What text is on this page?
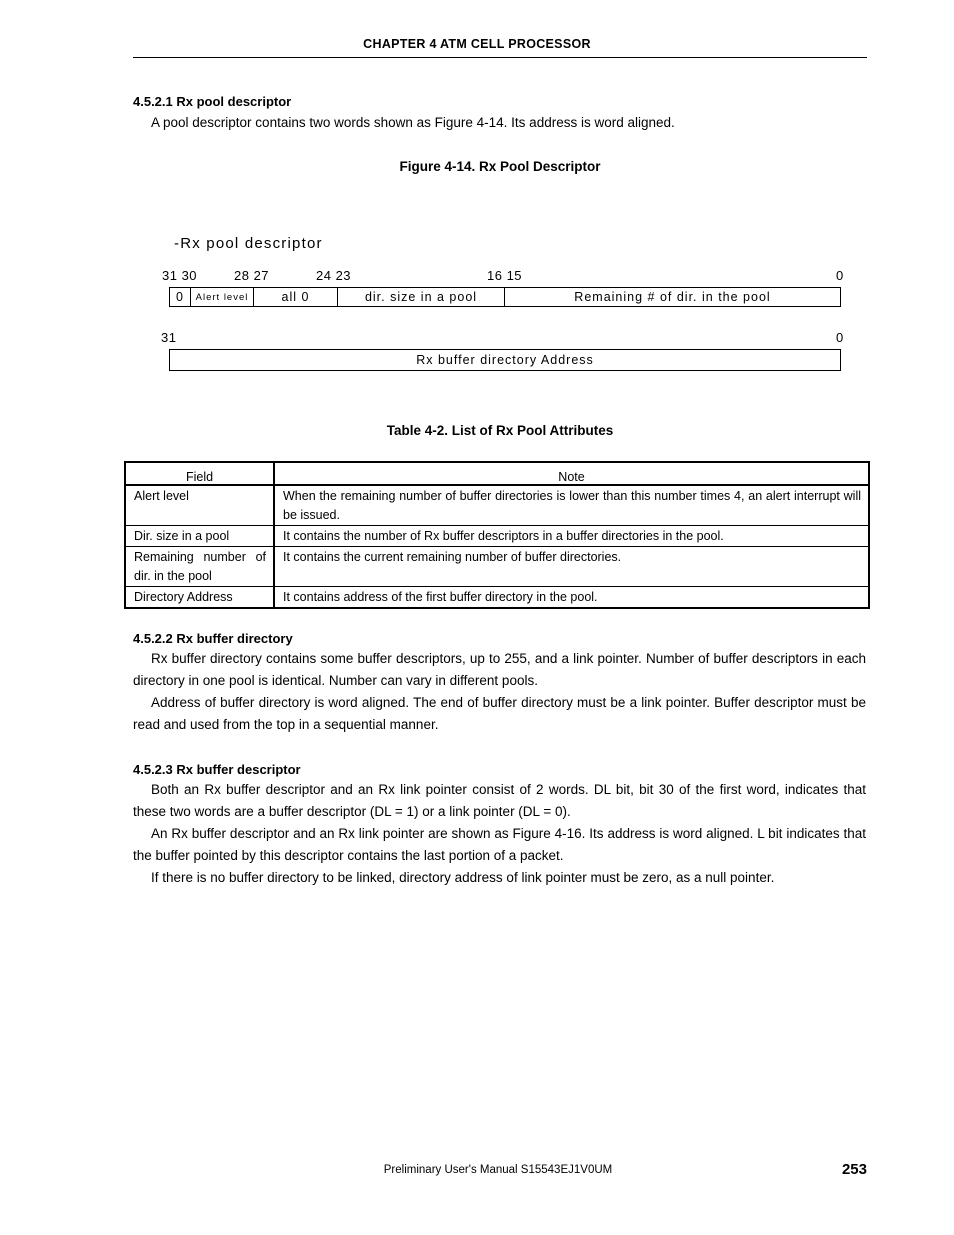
CHAPTER 4 ATM CELL PROCESSOR
4.5.2.1 Rx pool descriptor
A pool descriptor contains two words shown as Figure 4-14. Its address is word aligned.
Figure 4-14. Rx Pool Descriptor
-Rx pool descriptor
31 30	28 27	24 23	16 15	0
0	Alert level	all 0	dir. size in a pool	Remaining # of dir. in the pool
31	0
Rx buffer directory Address
Table 4-2. List of Rx Pool Attributes
Field	Note
Alert level	When the remaining number of buffer directories is lower than this number times 4, an alert interrupt will be issued.
Dir. size in a pool	It contains the number of Rx buffer descriptors in a buffer directories in the pool.
Remaining number of dir. in the pool	It contains the current remaining number of buffer directories.
Directory Address	It contains address of the first buffer directory in the pool.
4.5.2.2 Rx buffer directory
Rx buffer directory contains some buffer descriptors, up to 255, and a link pointer. Number of buffer descriptors in each directory in one pool is identical. Number can vary in different pools.
Address of buffer directory is word aligned. The end of buffer directory must be a link pointer. Buffer descriptor must be read and used from the top in a sequential manner.
4.5.2.3 Rx buffer descriptor
Both an Rx buffer descriptor and an Rx link pointer consist of 2 words. DL bit, bit 30 of the first word, indicates that these two words are a buffer descriptor (DL = 1) or a link pointer (DL = 0).
An Rx buffer descriptor and an Rx link pointer are shown as Figure 4-16. Its address is word aligned. L bit indicates that the buffer pointed by this descriptor contains the last portion of a packet.
If there is no buffer directory to be linked, directory address of link pointer must be zero, as a null pointer.
Preliminary User's Manual S15543EJ1V0UM	253
